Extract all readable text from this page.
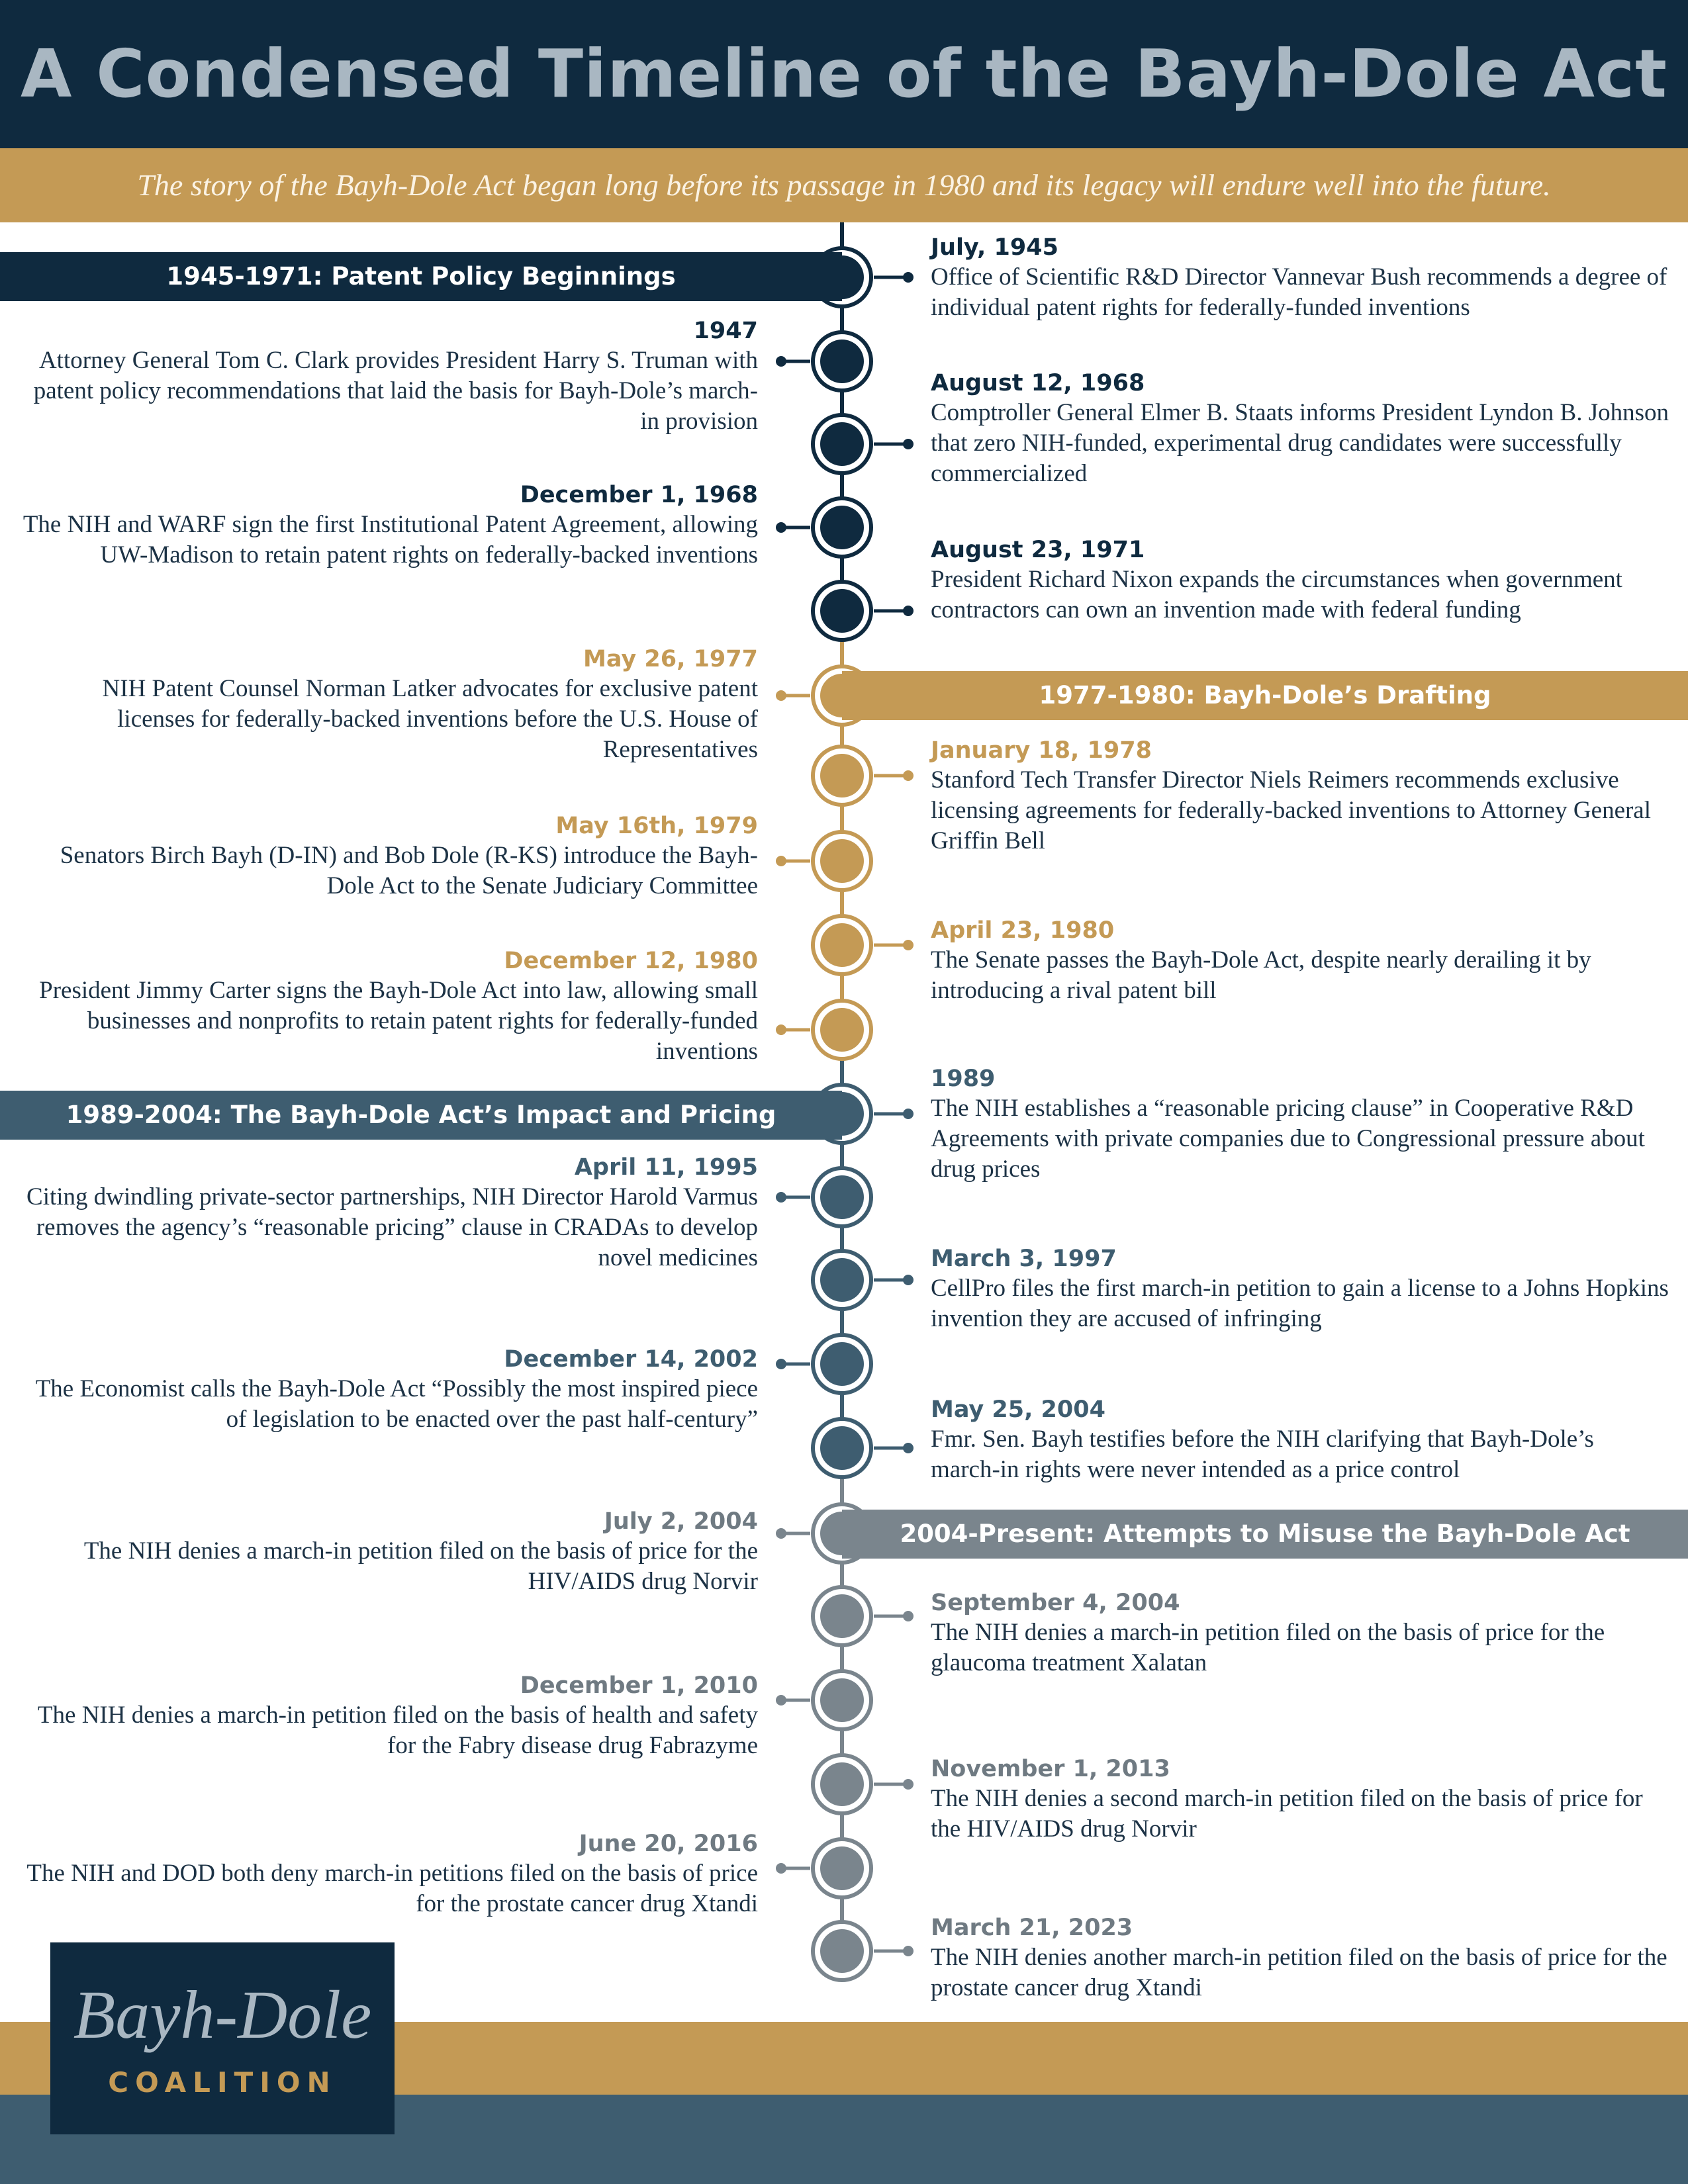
A Condensed Timeline of the Bayh-Dole Act
The story of the Bayh-Dole Act began long before its passage in 1980 and its legacy will endure well into the future.
1945-1971: Patent Policy Beginnings
1977-1980: Bayh-Dole’s Drafting
1989-2004: The Bayh-Dole Act’s Impact and Pricing Arguments
2004-Present: Attempts to Misuse the Bayh-Dole Act
July, 1945
Office of Scientific R&D Director Vannevar Bush recommends a degree of individual patent rights for federally-funded inventions
1947
Attorney General Tom C. Clark provides President Harry S. Truman with patent policy recommendations that laid the basis for Bayh-Dole’s march-in provision
August 12, 1968
Comptroller General Elmer B. Staats informs President Lyndon B. Johnson that zero NIH-funded, experimental drug candidates were successfully commercialized
December 1, 1968
The NIH and WARF sign the first Institutional Patent Agreement, allowing UW-Madison to retain patent rights on federally-backed inventions	August 23, 1971
President Richard Nixon expands the circumstances when government contractors can own an invention made with federal funding
May 26, 1977
NIH Patent Counsel Norman Latker advocates for exclusive patent licenses for federally-backed inventions before the U.S. House of Representatives	January 18, 1978
Stanford Tech Transfer Director Niels Reimers recommends exclusive licensing agreements for federally-backed inventions to Attorney General Griffin Bell
May 16th, 1979
Senators Birch Bayh (D-IN) and Bob Dole (R-KS) introduce the Bayh-Dole Act to the Senate Judiciary Committee
April 23, 1980
The Senate passes the Bayh-Dole Act, despite nearly derailing it by introducing a rival patent bill
December 12, 1980
President Jimmy Carter signs the Bayh-Dole Act into law, allowing small businesses and nonprofits to retain patent rights for federally-funded inventions
1989
The NIH establishes a “reasonable pricing clause” in Cooperative R&D Agreements with private companies due to Congressional pressure about drug prices
April 11, 1995
Citing dwindling private-sector partnerships, NIH Director Harold Varmus removes the agency’s “reasonable pricing” clause in CRADAs to develop novel medicines	March 3, 1997
CellPro files the first march-in petition to gain a license to a Johns Hopkins invention they are accused of infringing
December 14, 2002
The Economist calls the Bayh-Dole Act “Possibly the most inspired piece of legislation to be enacted over the past half-century”	May 25, 2004
Fmr. Sen. Bayh testifies before the NIH clarifying that Bayh-Dole’s march-in rights were never intended as a price control
July 2, 2004
The NIH denies a march-in petition filed on the basis of price for the HIV/AIDS drug Norvir
September 4, 2004
The NIH denies a march-in petition filed on the basis of price for the glaucoma treatment Xalatan
December 1, 2010
The NIH denies a march-in petition filed on the basis of health and safety for the Fabry disease drug Fabrazyme
November 1, 2013
The NIH denies a second march-in petition filed on the basis of price for the HIV/AIDS drug Norvir
June 20, 2016
The NIH and DOD both deny march-in petitions filed on the basis of price for the prostate cancer drug Xtandi
March 21, 2023
The NIH denies another march-in petition filed on the basis of price for the prostate cancer drug Xtandi
Bayh-Dole
COALITION
